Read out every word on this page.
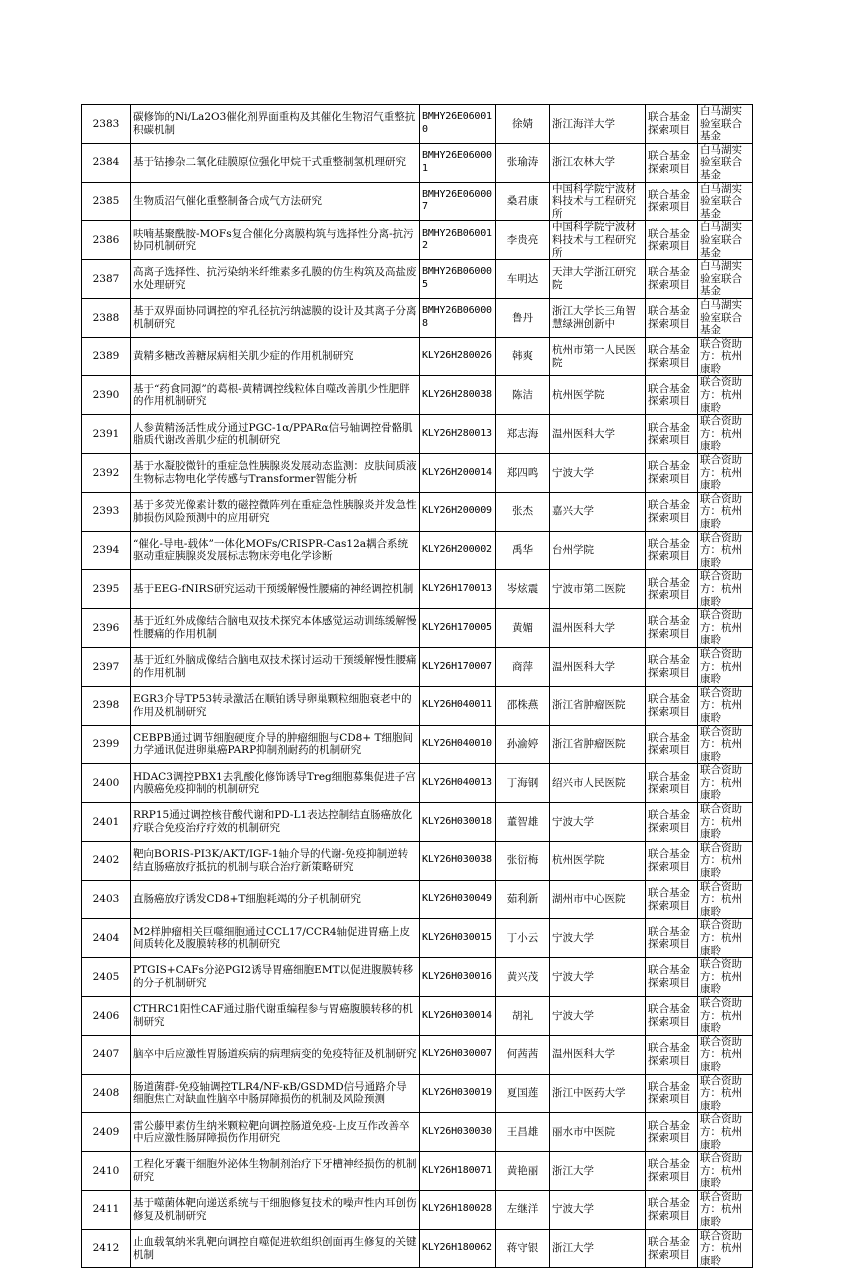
2383	碳修饰的Ni/La2O3催化剂界面重构及其催化生物沼气重整抗积碳机制	BMHY26E060010	徐婧	浙江海洋大学	联合基金探索项目	白马湖实验室联合基金
2384	基于钴掺杂二氧化硅膜原位强化甲烷干式重整制氢机理研究	BMHY26E060001	张瑜涛	浙江农林大学	联合基金探索项目	白马湖实验室联合基金
2385	生物质沼气催化重整制备合成气方法研究	BMHY26E060007	桑君康	中国科学院宁波材料技术与工程研究所	联合基金探索项目	白马湖实验室联合基金
2386	呋喃基聚酰胺-MOFs复合催化分离膜构筑与选择性分离-抗污协同机制研究	BMHY26B060012	李贵亮	中国科学院宁波材料技术与工程研究所	联合基金探索项目	白马湖实验室联合基金
2387	高离子选择性、抗污染纳米纤维素多孔膜的仿生构筑及高盐废水处理研究	BMHY26B060005	车明达	天津大学浙江研究院	联合基金探索项目	白马湖实验室联合基金
2388	基于双界面协同调控的窄孔径抗污纳滤膜的设计及其离子分离机制研究	BMHY26B060008	鲁丹	浙江大学长三角智慧绿洲创新中	联合基金探索项目	白马湖实验室联合基金
2389	黄精多糖改善糖尿病相关肌少症的作用机制研究	KLY26H280026	韩爽	杭州市第一人民医院	联合基金探索项目	联合资助方：杭州康聆
2390	基于“药食同源”的葛根-黄精调控线粒体自噬改善肌少性肥胖的作用机制研究	KLY26H280038	陈洁	杭州医学院	联合基金探索项目	联合资助方：杭州康聆
2391	人参黄精汤活性成分通过PGC-1α/PPARα信号轴调控骨骼肌脂质代谢改善肌少症的机制研究	KLY26H280013	郑志海	温州医科大学	联合基金探索项目	联合资助方：杭州康聆
2392	基于水凝胶微针的重症急性胰腺炎发展动态监测：皮肤间质液生物标志物电化学传感与Transformer智能分析	KLY26H200014	郑四鸣	宁波大学	联合基金探索项目	联合资助方：杭州康聆
2393	基于多荧光像素计数的磁控微阵列在重症急性胰腺炎并发急性肺损伤风险预测中的应用研究	KLY26H200009	张杰	嘉兴大学	联合基金探索项目	联合资助方：杭州康聆
2394	“催化-导电-载体”一体化MOFs/CRISPR-Cas12a耦合系统驱动重症胰腺炎发展标志物床旁电化学诊断	KLY26H200002	禹华	台州学院	联合基金探索项目	联合资助方：杭州康聆
2395	基于EEG-fNIRS研究运动干预缓解慢性腰痛的神经调控机制	KLY26H170013	岑炫震	宁波市第二医院	联合基金探索项目	联合资助方：杭州康聆
2396	基于近红外成像结合脑电双技术探究本体感觉运动训练缓解慢性腰痛的作用机制	KLY26H170005	黄媚	温州医科大学	联合基金探索项目	联合资助方：杭州康聆
2397	基于近红外脑成像结合脑电双技术探讨运动干预缓解慢性腰痛的作用机制	KLY26H170007	商萍	温州医科大学	联合基金探索项目	联合资助方：杭州康聆
2398	EGR3介导TP53转录激活在顺铂诱导卵巢颗粒细胞衰老中的作用及机制研究	KLY26H040011	邵株燕	浙江省肿瘤医院	联合基金探索项目	联合资助方：杭州康聆
2399	CEBPB通过调节细胞硬度介导的肿瘤细胞与CD8+ T细胞间力学通讯促进卵巢癌PARP抑制剂耐药的机制研究	KLY26H040010	孙渝婷	浙江省肿瘤医院	联合基金探索项目	联合资助方：杭州康聆
2400	HDAC3调控PBX1去乳酸化修饰诱导Treg细胞募集促进子宫内膜癌免疫抑制的机制研究	KLY26H040013	丁海钢	绍兴市人民医院	联合基金探索项目	联合资助方：杭州康聆
2401	RRP15通过调控核苷酸代谢和PD-L1表达控制结直肠癌放化疗联合免疫治疗疗效的机制研究	KLY26H030018	董智雄	宁波大学	联合基金探索项目	联合资助方：杭州康聆
2402	靶向BORIS-PI3K/AKT/IGF-1轴介导的代谢-免疫抑制逆转结直肠癌放疗抵抗的机制与联合治疗新策略研究	KLY26H030038	张衍梅	杭州医学院	联合基金探索项目	联合资助方：杭州康聆
2403	直肠癌放疗诱发CD8+T细胞耗竭的分子机制研究	KLY26H030049	茹利新	湖州市中心医院	联合基金探索项目	联合资助方：杭州康聆
2404	M2样肿瘤相关巨噬细胞通过CCL17/CCR4轴促进胃癌上皮间质转化及腹膜转移的机制研究	KLY26H030015	丁小云	宁波大学	联合基金探索项目	联合资助方：杭州康聆
2405	PTGIS+CAFs分泌PGI2诱导胃癌细胞EMT以促进腹膜转移的分子机制研究	KLY26H030016	黄兴茂	宁波大学	联合基金探索项目	联合资助方：杭州康聆
2406	CTHRC1阳性CAF通过脂代谢重编程参与胃癌腹膜转移的机制研究	KLY26H030014	胡礼	宁波大学	联合基金探索项目	联合资助方：杭州康聆
2407	脑卒中后应激性胃肠道疾病的病理病变的免疫特征及机制研究	KLY26H030007	何茜茜	温州医科大学	联合基金探索项目	联合资助方：杭州康聆
2408	肠道菌群-免疫轴调控TLR4/NF-κB/GSDMD信号通路介导细胞焦亡对缺血性脑卒中肠屏障损伤的机制及风险预测	KLY26H030019	夏国莲	浙江中医药大学	联合基金探索项目	联合资助方：杭州康聆
2409	雷公藤甲素仿生纳米颗粒靶向调控肠道免疫-上皮互作改善卒中后应激性肠屏障损伤作用研究	KLY26H030030	王昌雄	丽水市中医院	联合基金探索项目	联合资助方：杭州康聆
2410	工程化牙囊干细胞外泌体生物制剂治疗下牙槽神经损伤的机制研究	KLY26H180071	黄艳丽	浙江大学	联合基金探索项目	联合资助方：杭州康聆
2411	基于噬菌体靶向递送系统与干细胞修复技术的噪声性内耳创伤修复及机制研究	KLY26H180028	左继洋	宁波大学	联合基金探索项目	联合资助方：杭州康聆
2412	止血载氧纳米乳靶向调控自噬促进软组织创面再生修复的关键机制	KLY26H180062	蒋守银	浙江大学	联合基金探索项目	联合资助方：杭州康聆
